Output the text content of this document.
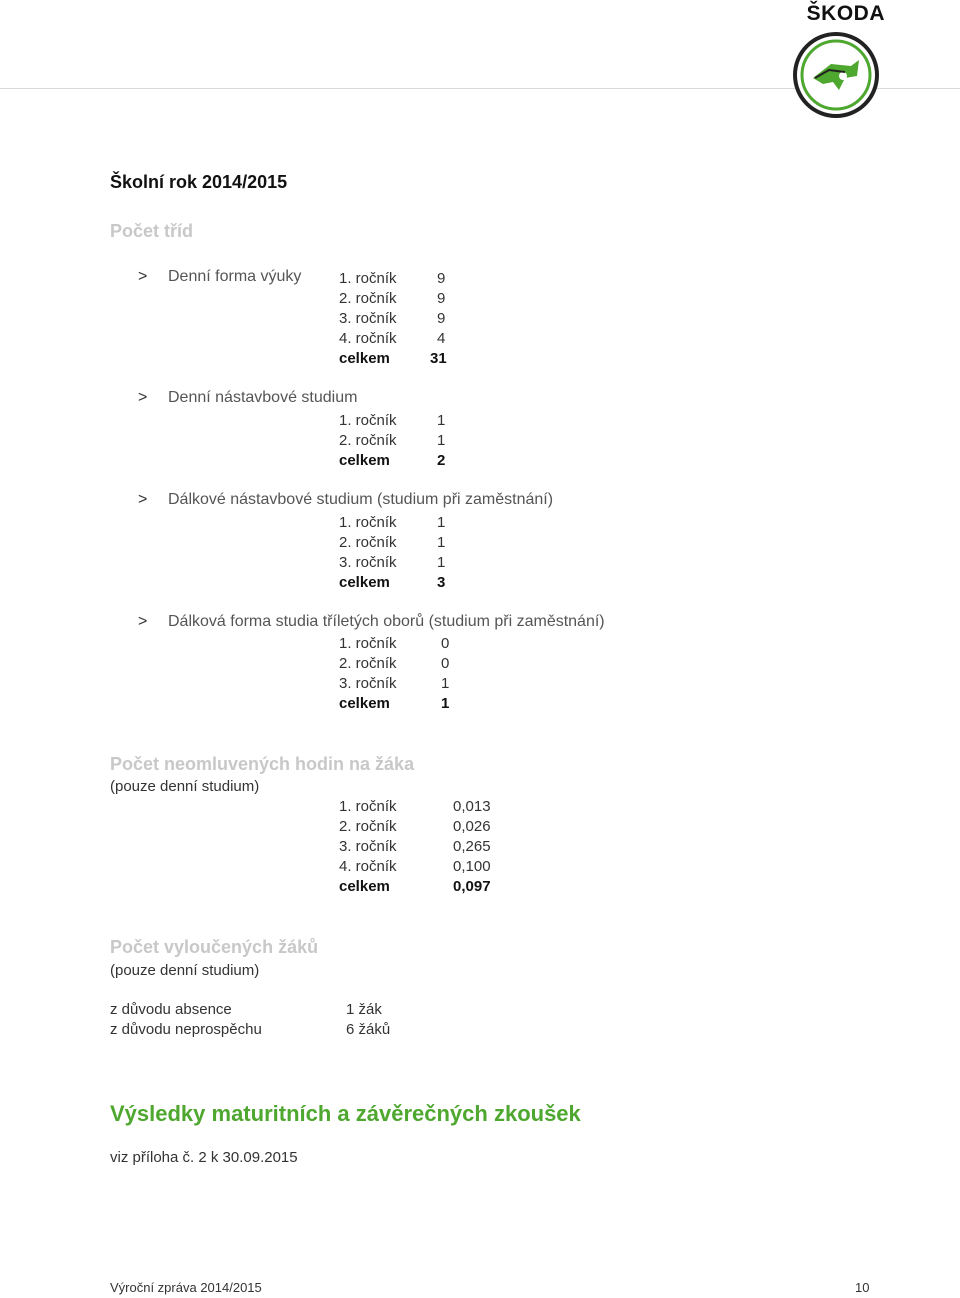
ŠKODA
Školní rok 2014/2015
Počet tříd
> Denní forma výuky	1. ročník	9
2. ročník	9
3. ročník	9
4. ročník	4
celkem	31
> Denní nástavbové studium
1. ročník	1
2. ročník	1
celkem	2
> Dálkové nástavbové studium (studium při zaměstnání)
1. ročník	1
2. ročník	1
3. ročník	1
celkem	3
> Dálková forma studia tříletých oborů (studium při zaměstnání)
1. ročník	0
2. ročník	0
3. ročník	1
celkem	1
Počet neomluvených hodin na žáka
(pouze denní studium)
1. ročník	0,013
2. ročník	0,026
3. ročník	0,265
4. ročník	0,100
celkem	0,097
Počet vyloučených žáků
(pouze denní studium)
z důvodu absence	1 žák
z důvodu neprospěchu	6 žáků
Výsledky maturitních a závěrečných zkoušek
viz příloha č. 2 k 30.09.2015
Výroční zpráva 2014/2015	10
